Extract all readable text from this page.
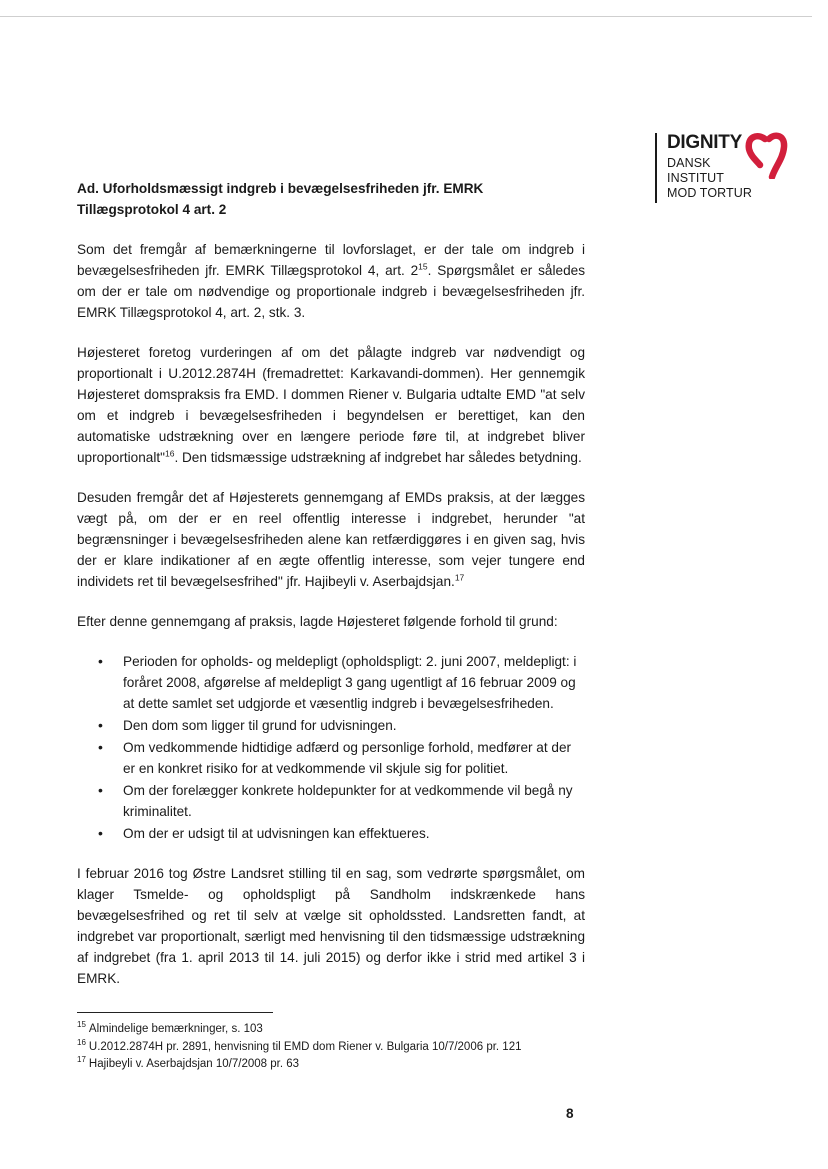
DIGNITY
DANSK
INSTITUT
MOD TORTUR
Ad. Uforholdsmæssigt indgreb i bevægelsesfriheden jfr. EMRK Tillægsprotokol 4 art. 2

Som det fremgår af bemærkningerne til lovforslaget, er der tale om indgreb i bevægelsesfriheden jfr. EMRK Tillægsprotokol 4, art. $2^{15}$. Spørgsmålet er således om der er tale om nødvendige og proportionale indgreb i bevægelsesfriheden jfr. EMRK Tillægsprotokol 4, art. 2, stk. 3.

Højesteret foretog vurderingen af om det pålagte indgreb var nødvendigt og proportionalt i U.2012.2874H (fremadrettet: Karkavandi-dommen). Her gennemgik Højesteret domspraksis fra EMD. I dommen Riener v. Bulgaria udtalte EMD "at selv om et indgreb i bevægelsesfriheden i begyndelsen er berettiget, kan den automatiske udstrækning over en længere periode føre til, at indgrebet bliver uproportionalt"$^{16}$. Den tidsmæssige udstrækning af indgrebet har således betydning.

Desuden fremgår det af Højesterets gennemgang af EMDs praksis, at der lægges vægt på, om der er en reel offentlig interesse i indgrebet, herunder "at begrænsninger i bevægelsesfriheden alene kan retfærdiggøres i en given sag, hvis der er klare indikationer af en ægte offentlig interesse, som vejer tungere end individets ret til bevægelsesfrihed" jfr. Hajibeyli v. Aserbajdsjan.$^{17}$

Efter denne gennemgang af praksis, lagde Højesteret følgende forhold til grund:

• Perioden for opholds- og meldepligt (opholdspligt: 2. juni 2007, meldepligt: i foråret 2008, afgørelse af meldepligt 3 gang ugentligt af 16 februar 2009 og at dette samlet set udgjorde et væsentlig indgreb i bevægelsesfriheden.
• Den dom som ligger til grund for udvisningen.
• Om vedkommende hidtidige adfærd og personlige forhold, medfører at der er en konkret risiko for at vedkommende vil skjule sig for politiet.
• Om der forelægger konkrete holdepunkter for at vedkommende vil begå ny kriminalitet.
• Om der er udsigt til at udvisningen kan effektueres.

I februar 2016 tog Østre Landsret stilling til en sag, som vedrørte spørgsmålet, om klager Tsmelde- og opholdspligt på Sandholm indskrænkede hans bevægelsesfrihed og ret til selv at vælge sit opholdssted. Landsretten fandt, at indgrebet var proportionalt, særligt med henvisning til den tidsmæssige udstrækning af indgrebet (fra 1. april 2013 til 14. juli 2015) og derfor ikke i strid med artikel 3 i EMRK.

$^{15}$ Almindelige bemærkninger, s. 103
$^{16}$ U.2012.2874H pr. 2891, henvisning til EMD dom Riener v. Bulgaria 10/7/2006 pr. 121
$^{17}$ Hajibeyli v. Aserbajdsjan 10/7/2008 pr. 63
8
